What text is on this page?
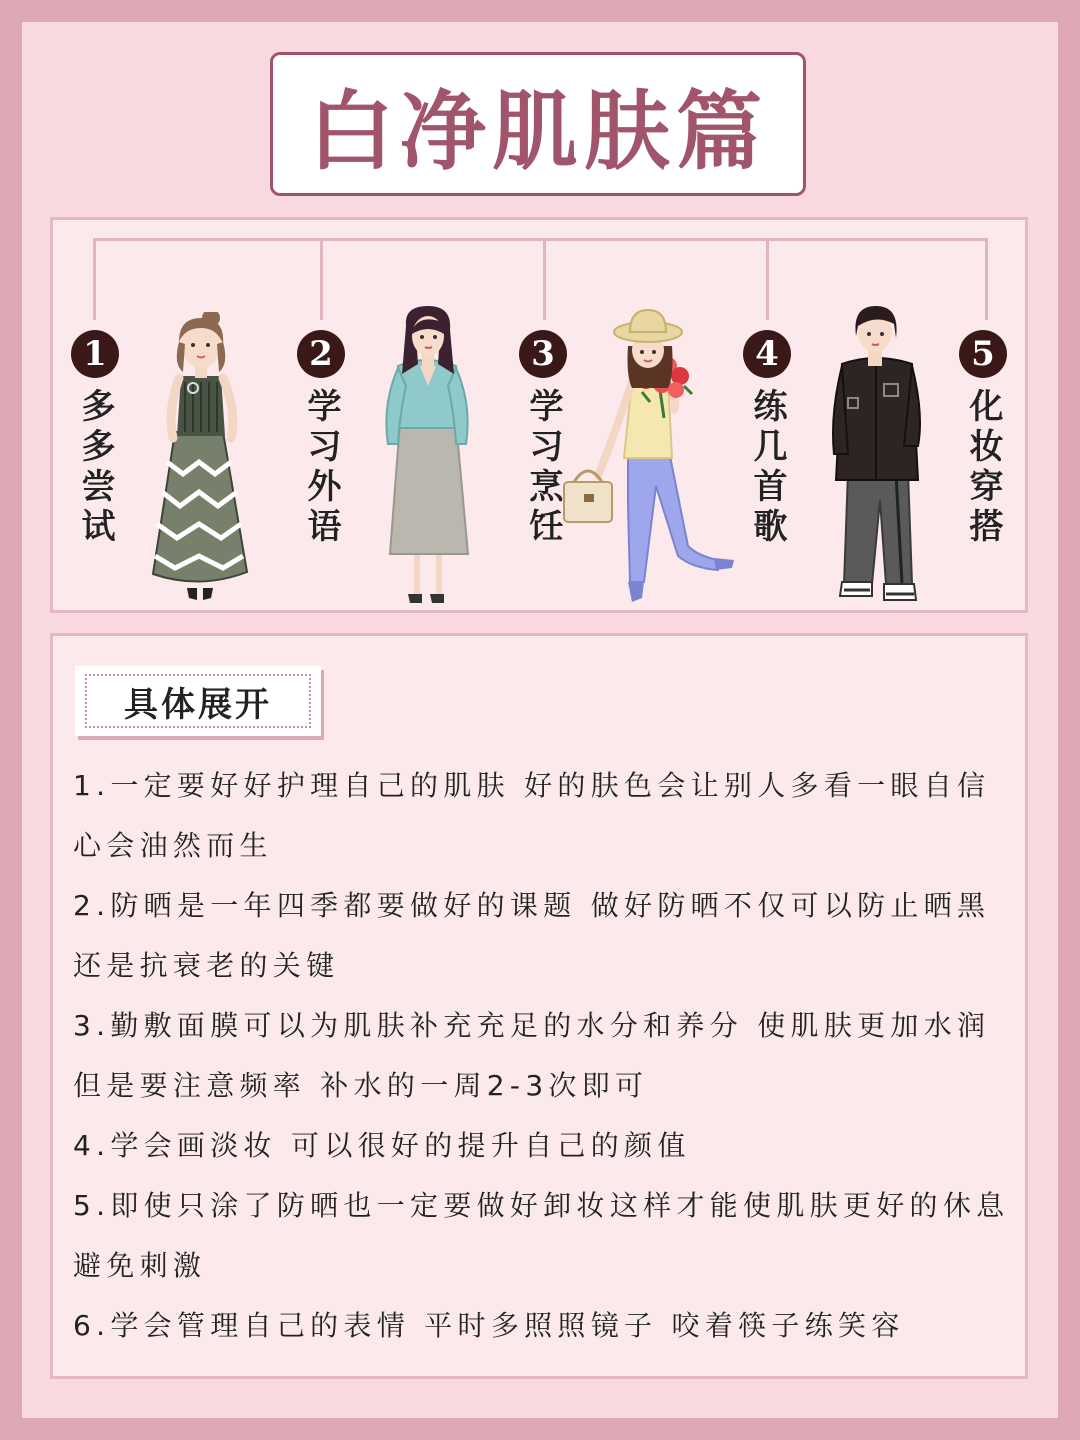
白净肌肤篇
1
多多尝试
2
学习外语
3
学习烹饪
4
练几首歌
5
化妆穿搭
具体展开

1.一定要好好护理自己的肌肤 好的肤色会让别人多看一眼自信心会油然而生

2.防晒是一年四季都要做好的课题 做好防晒不仅可以防止晒黑 还是抗衰老的关键

3.勤敷面膜可以为肌肤补充充足的水分和养分 使肌肤更加水润 但是要注意频率 补水的一周2-3次即可

4.学会画淡妆 可以很好的提升自己的颜值

5.即使只涂了防晒也一定要做好卸妆这样才能使肌肤更好的休息 避免刺激

6.学会管理自己的表情 平时多照照镜子 咬着筷子练笑容
